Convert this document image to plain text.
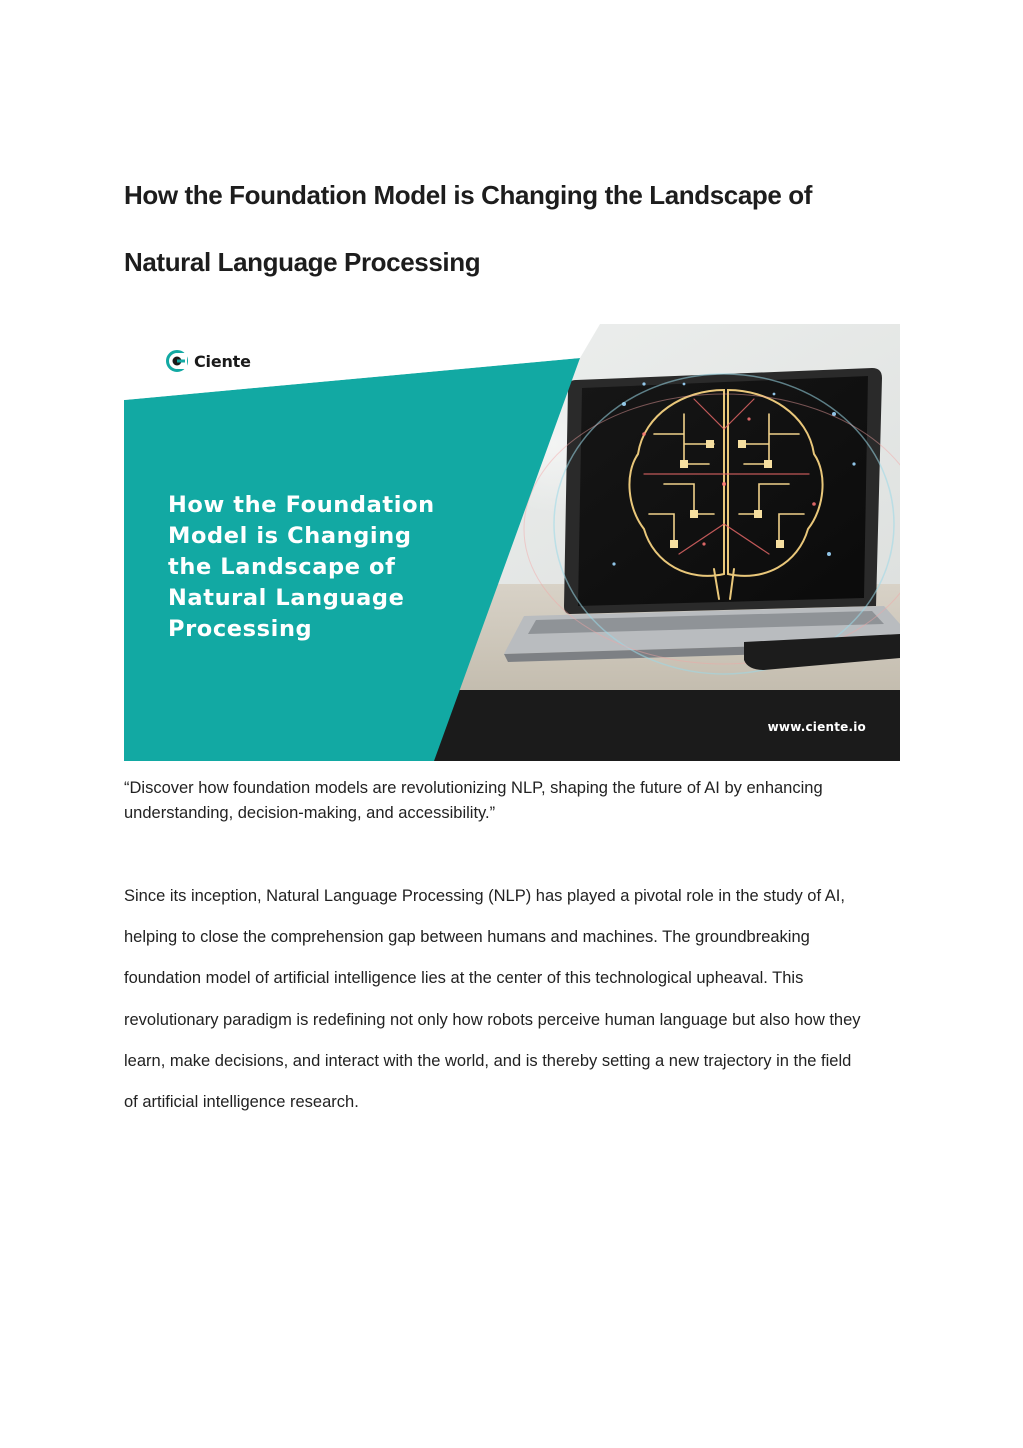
How the Foundation Model is Changing the Landscape of
Natural Language Processing
Ciente
How the Foundation
Model is Changing
the Landscape of
Natural Language
Processing
www.ciente.io

“Discover how foundation models are revolutionizing NLP, shaping the future of AI by enhancing understanding, decision-making, and accessibility.”

Since its inception, Natural Language Processing (NLP) has played a pivotal role in the study of AI,

helping to close the comprehension gap between humans and machines. The groundbreaking

foundation model of artificial intelligence lies at the center of this technological upheaval. This

revolutionary paradigm is redefining not only how robots perceive human language but also how they

learn, make decisions, and interact with the world, and is thereby setting a new trajectory in the field

of artificial intelligence research.
